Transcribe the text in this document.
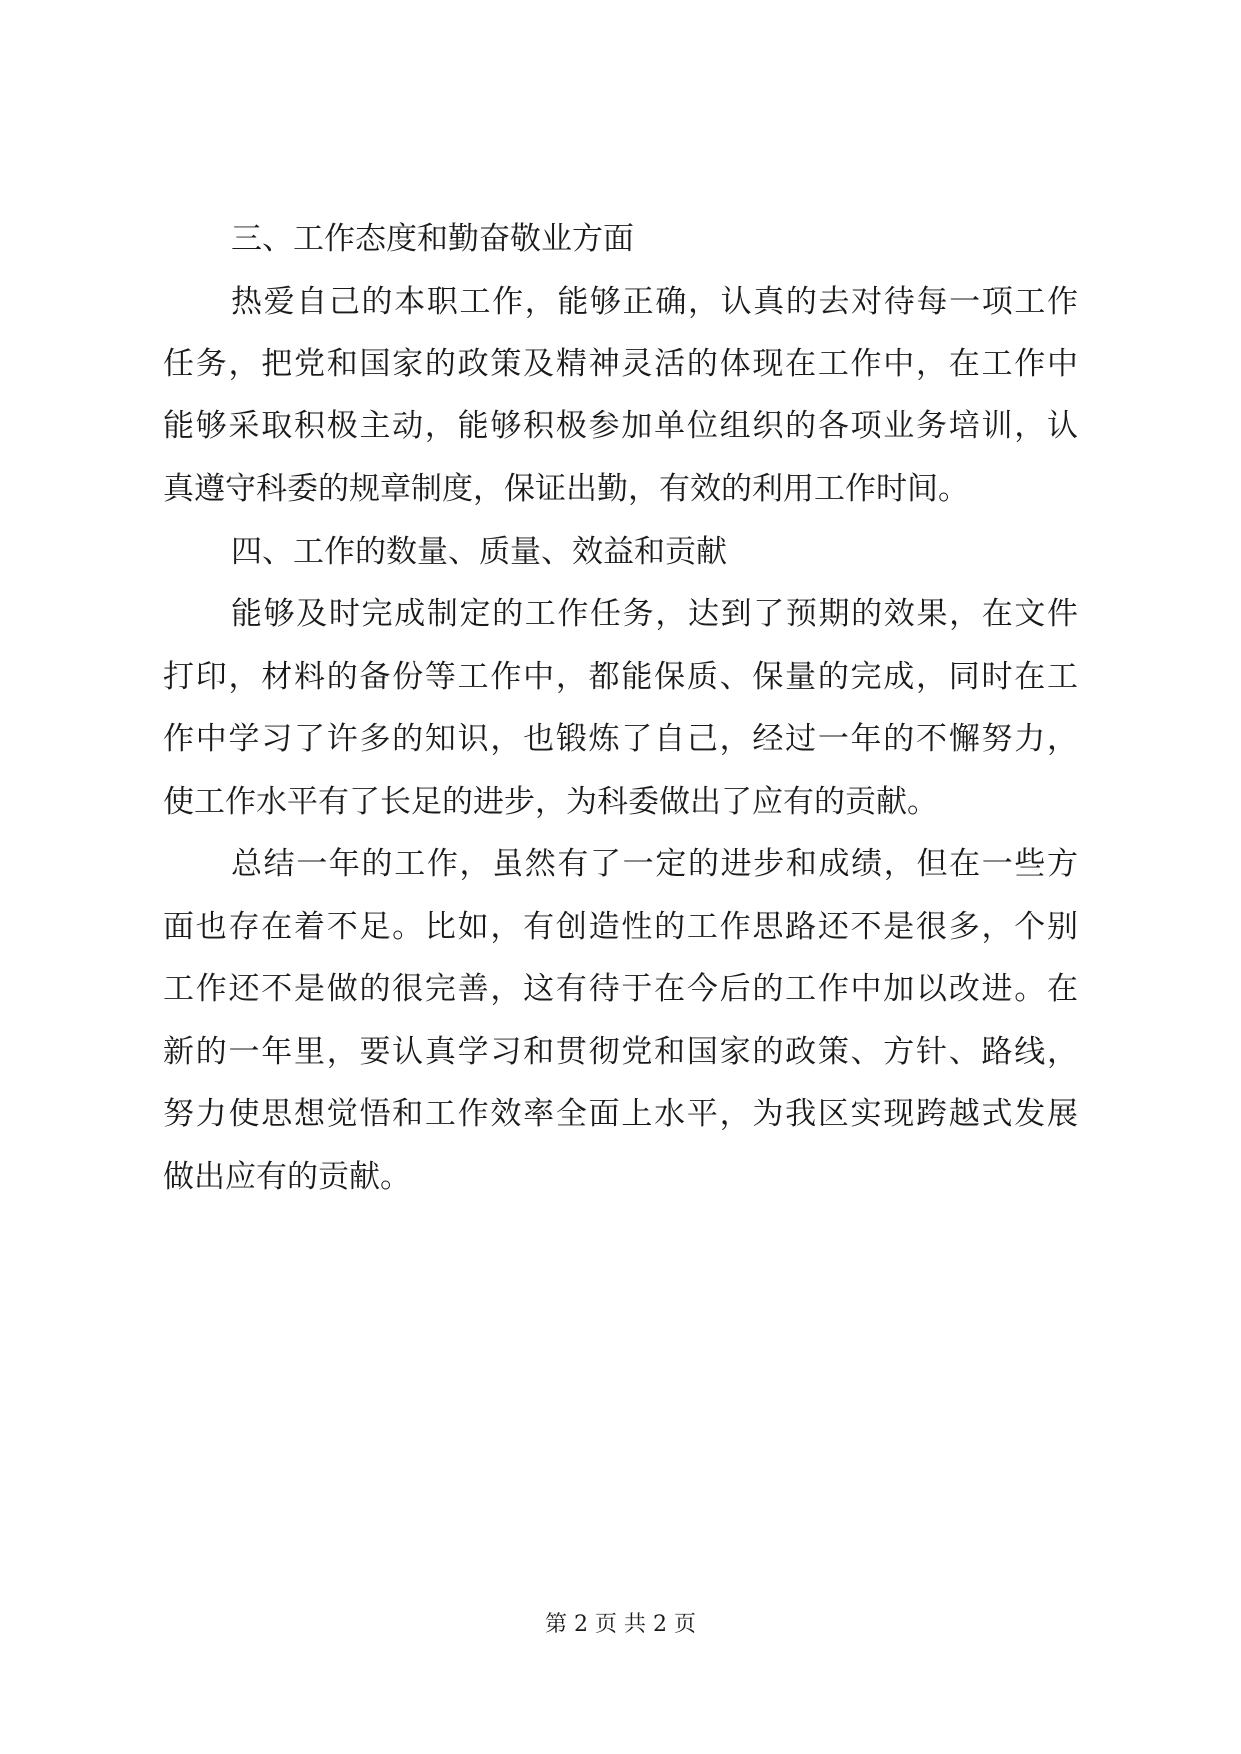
三、工作态度和勤奋敬业方面
热爱自己的本职工作，能够正确，认真的去对待每一项工作
任务，把党和国家的政策及精神灵活的体现在工作中，在工作中
能够采取积极主动，能够积极参加单位组织的各项业务培训，认
真遵守科委的规章制度，保证出勤，有效的利用工作时间。
四、工作的数量、质量、效益和贡献
能够及时完成制定的工作任务，达到了预期的效果，在文件
打印，材料的备份等工作中，都能保质、保量的完成，同时在工
作中学习了许多的知识，也锻炼了自己，经过一年的不懈努力，
使工作水平有了长足的进步，为科委做出了应有的贡献。
总结一年的工作，虽然有了一定的进步和成绩，但在一些方
面也存在着不足。比如，有创造性的工作思路还不是很多，个别
工作还不是做的很完善，这有待于在今后的工作中加以改进。在
新的一年里，要认真学习和贯彻党和国家的政策、方针、路线，
努力使思想觉悟和工作效率全面上水平，为我区实现跨越式发展
做出应有的贡献。
第 2 页 共 2 页
